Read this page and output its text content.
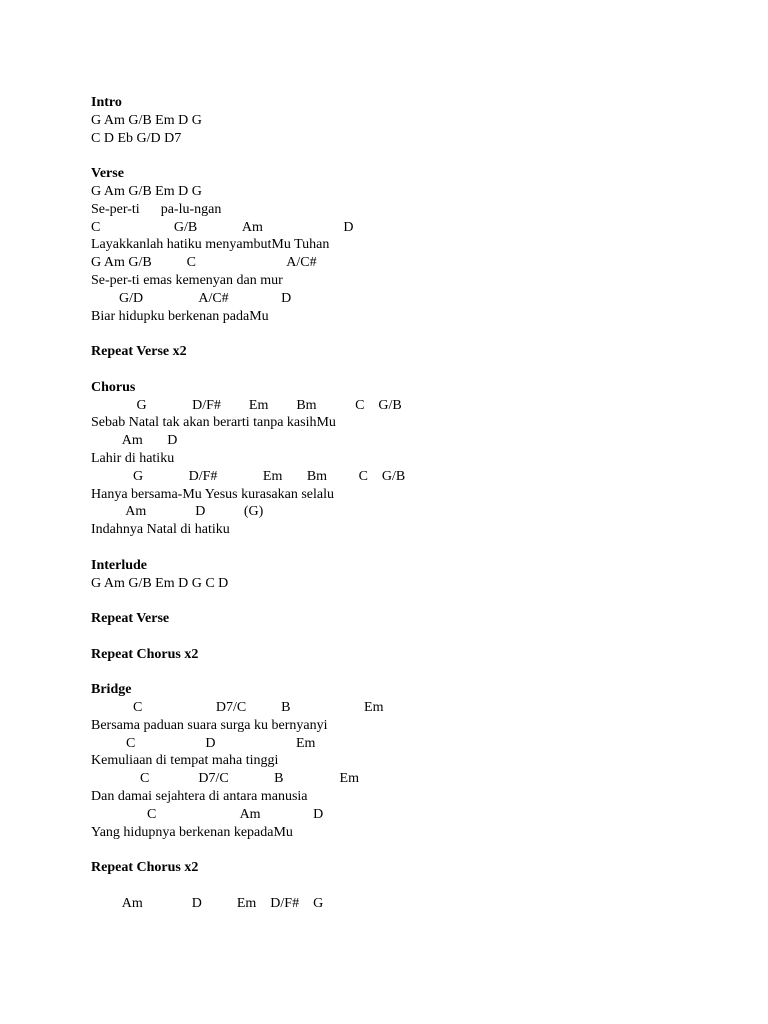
Intro
G Am G/B Em D G
C D Eb G/D D7
Verse
G Am G/B Em D G
Se-per-ti      pa-lu-ngan
C                     G/B             Am                       D
Layakkanlah hatiku menyambutMu Tuhan
G Am G/B          C                          A/C#
Se-per-ti emas kemenyan dan mur
G/D                A/C#               D
Biar hidupku berkenan padaMu
Repeat Verse x2
Chorus
G             D/F#        Em        Bm           C    G/B
Sebab Natal tak akan berarti tanpa kasihMu
Am       D
Lahir di hatiku
G             D/F#             Em       Bm         C    G/B
Hanya bersama-Mu Yesus kurasakan selalu
Am              D           (G)
Indahnya Natal di hatiku
Interlude
G Am G/B Em D G C D
Repeat Verse
Repeat Chorus x2
Bridge
C                     D7/C          B                     Em
Bersama paduan suara surga ku bernyanyi
C                    D                       Em
Kemuliaan di tempat maha tinggi
C              D7/C             B                Em
Dan damai sejahtera di antara manusia
C                        Am               D
Yang hidupnya berkenan kepadaMu
Repeat Chorus x2
Am              D          Em    D/F#    G
